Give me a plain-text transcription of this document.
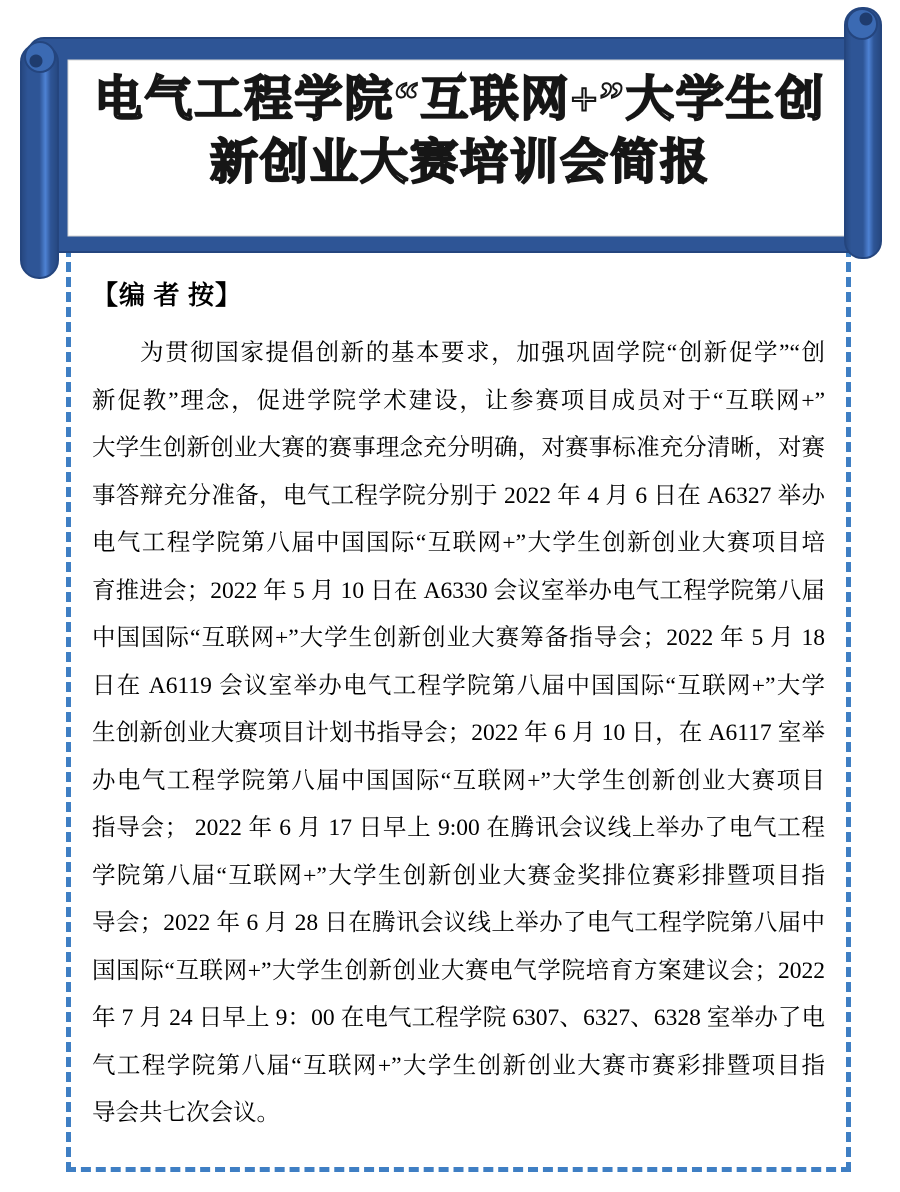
【编 者 按】
为贯彻国家提倡创新的基本要求，加强巩固学院“创新促学”“创
新促教”理念，促进学院学术建设，让参赛项目成员对于“互联网+”
大学生创新创业大赛的赛事理念充分明确，对赛事标准充分清晰，对赛
事答辩充分准备，电气工程学院分别于 2022 年 4 月 6 日在 A6327 举办
电气工程学院第八届中国国际“互联网+”大学生创新创业大赛项目培
育推进会；2022 年 5 月 10 日在 A6330 会议室举办电气工程学院第八届
中国国际“互联网+”大学生创新创业大赛筹备指导会；2022 年 5 月 18
日在 A6119 会议室举办电气工程学院第八届中国国际“互联网+”大学
生创新创业大赛项目计划书指导会；2022 年 6 月 10 日，在 A6117 室举
办电气工程学院第八届中国国际“互联网+”大学生创新创业大赛项目
指导会； 2022 年 6 月 17 日早上 9:00 在腾讯会议线上举办了电气工程
学院第八届“互联网+”大学生创新创业大赛金奖排位赛彩排暨项目指
导会；2022 年 6 月 28 日在腾讯会议线上举办了电气工程学院第八届中
国国际“互联网+”大学生创新创业大赛电气学院培育方案建议会；2022
年 7 月 24 日早上 9：00 在电气工程学院 6307、6327、6328 室举办了电
气工程学院第八届“互联网+”大学生创新创业大赛市赛彩排暨项目指
导会共七次会议。
电气工程学院“互联网+”大学生创
新创业大赛培训会简报
